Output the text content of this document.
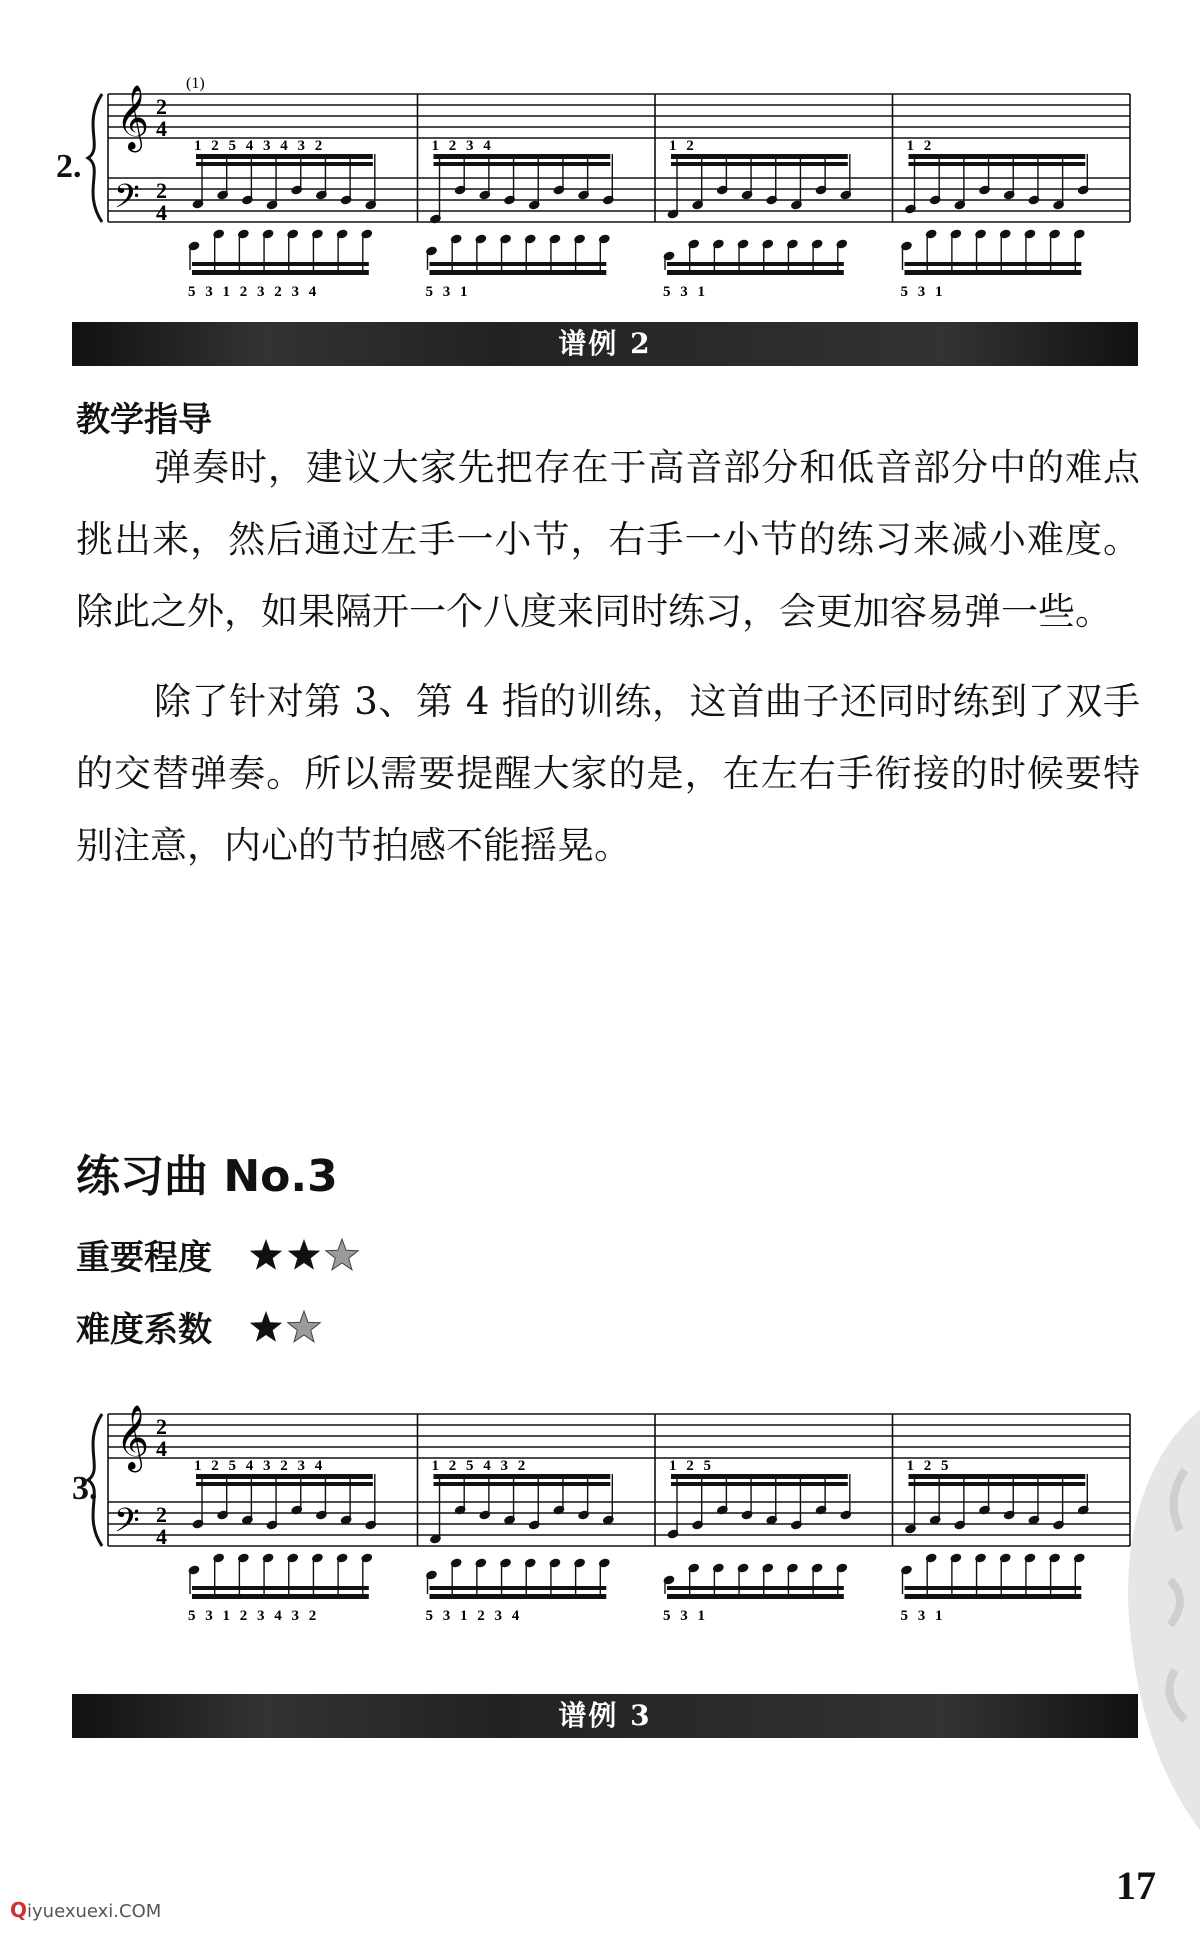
2.
𝄞
𝄢
2
4
2
4
(1)
1 2 5 4 3 4 3 2
5 3 1 2 3 2 3 4
1 2 3 4
5 3 1
1 2
5 3 1
1 2
5 3 1
谱例 2
教学指导

弹奏时，建议大家先把存在于高音部分和低音部分中的难点挑出来，然后通过左手一小节，右手一小节的练习来减小难度。除此之外，如果隔开一个八度来同时练习，会更加容易弹一些。

除了针对第 3、第 4 指的训练，这首曲子还同时练到了双手的交替弹奏。所以需要提醒大家的是，在左右手衔接的时候要特别注意，内心的节拍感不能摇晃。

练习曲 No.3
重要程度
难度系数
3.
𝄞
𝄢
2
4
2
4
1 2 5 4 3 2 3 4
5 3 1 2 3 4 3 2
1 2 5 4 3 2
5 3 1 2 3 4
1 2 5
5 3 1
1 2 5
5 3 1
谱例 3
17
Qiyuexuexi.COM
